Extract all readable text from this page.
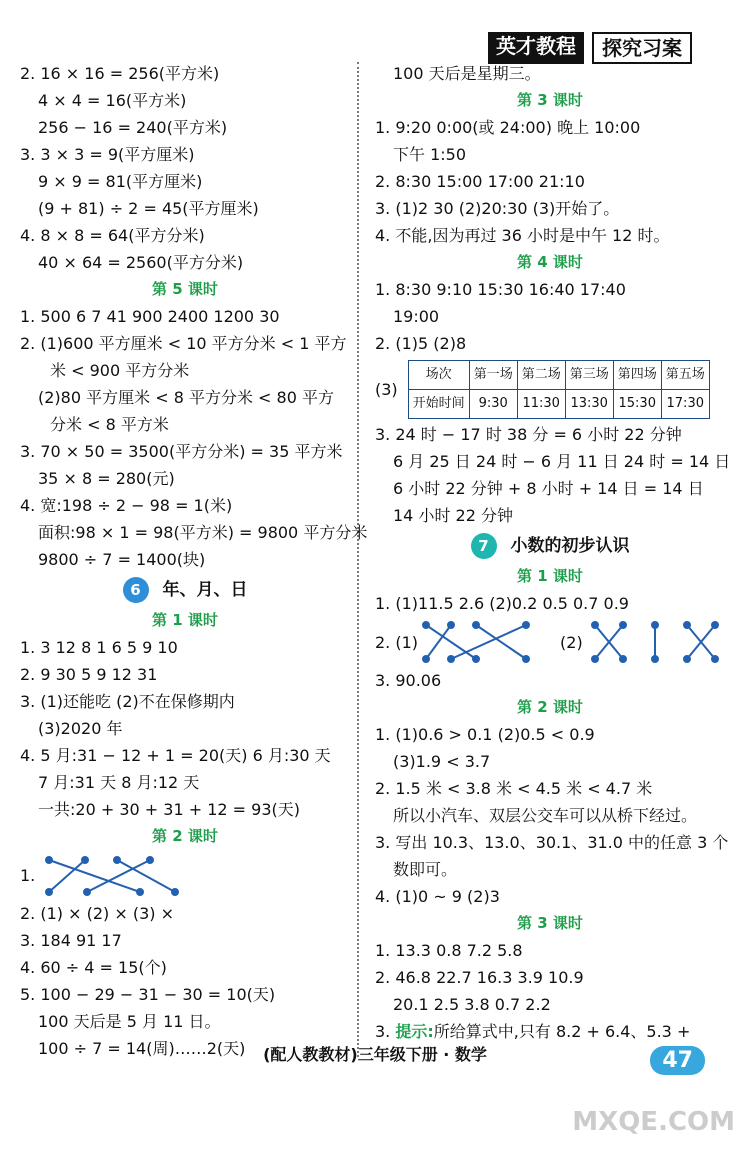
英才教程	探究习案
2. 16 × 16 = 256(平方米)
4 × 4 = 16(平方米)
256 − 16 = 240(平方米)
3. 3 × 3 = 9(平方厘米)
9 × 9 = 81(平方厘米)
(9 + 81) ÷ 2 = 45(平方厘米)
4. 8 × 8 = 64(平方分米)
40 × 64 = 2560(平方分米)
第 5 课时
1. 500 6 7 41 900 2400 1200 30
2. (1)600 平方厘米 < 10 平方分米 < 1 平方
米 < 900 平方分米
(2)80 平方厘米 < 8 平方分米 < 80 平方
分米 < 8 平方米
3. 70 × 50 = 3500(平方分米) = 35 平方米
35 × 8 = 280(元)
4. 宽:198 ÷ 2 − 98 = 1(米)
面积:98 × 1 = 98(平方米) = 9800 平方分米
9800 ÷ 7 = 1400(块)
6	年、月、日
第 1 课时
1. 3 12 8 1 6 5 9 10
2. 9 30 5 9 12 31
3. (1)还能吃 (2)不在保修期内
(3)2020 年
4. 5 月:31 − 12 + 1 = 20(天) 6 月:30 天
7 月:31 天 8 月:12 天
一共:20 + 30 + 31 + 12 = 93(天)
第 2 课时
1.
2. (1) × (2) × (3) ×
3. 184 91 17
4. 60 ÷ 4 = 15(个)
5. 100 − 29 − 31 − 30 = 10(天)
100 天后是 5 月 11 日。
100 ÷ 7 = 14(周)……2(天)
100 天后是星期三。
第 3 课时
1. 9:20 0:00(或 24:00) 晚上 10:00
下午 1:50
2. 8:30 15:00 17:00 21:10
3. (1)2 30 (2)20:30 (3)开始了。
4. 不能,因为再过 36 小时是中午 12 时。
第 4 课时
1. 8:30 9:10 15:30 16:40 17:40
19:00
2. (1)5 (2)8
(3)
场次	第一场	第二场	第三场	第四场	第五场
开始时间	9:30	11:30	13:30	15:30	17:30
3. 24 时 − 17 时 38 分 = 6 小时 22 分钟
6 月 25 日 24 时 − 6 月 11 日 24 时 = 14 日
6 小时 22 分钟 + 8 小时 + 14 日 = 14 日
14 小时 22 分钟
7	小数的初步认识
第 1 课时
1. (1)11.5 2.6 (2)0.2 0.5 0.7 0.9
2. (1)	(2)
3. 90.06
第 2 课时
1. (1)0.6 > 0.1 (2)0.5 < 0.9
(3)1.9 < 3.7
2. 1.5 米 < 3.8 米 < 4.5 米 < 4.7 米
所以小汽车、双层公交车可以从桥下经过。
3. 写出 10.3、13.0、30.1、31.0 中的任意 3 个
数即可。
4. (1)0 ~ 9 (2)3
第 3 课时
1. 13.3 0.8 7.2 5.8
2. 46.8 22.7 16.3 3.9 10.9
20.1 2.5 3.8 0.7 2.2
3. 提示:所给算式中,只有 8.2 + 6.4、5.3 +
(配人教教材)三年级下册 · 数学	47
MXQE.COM
